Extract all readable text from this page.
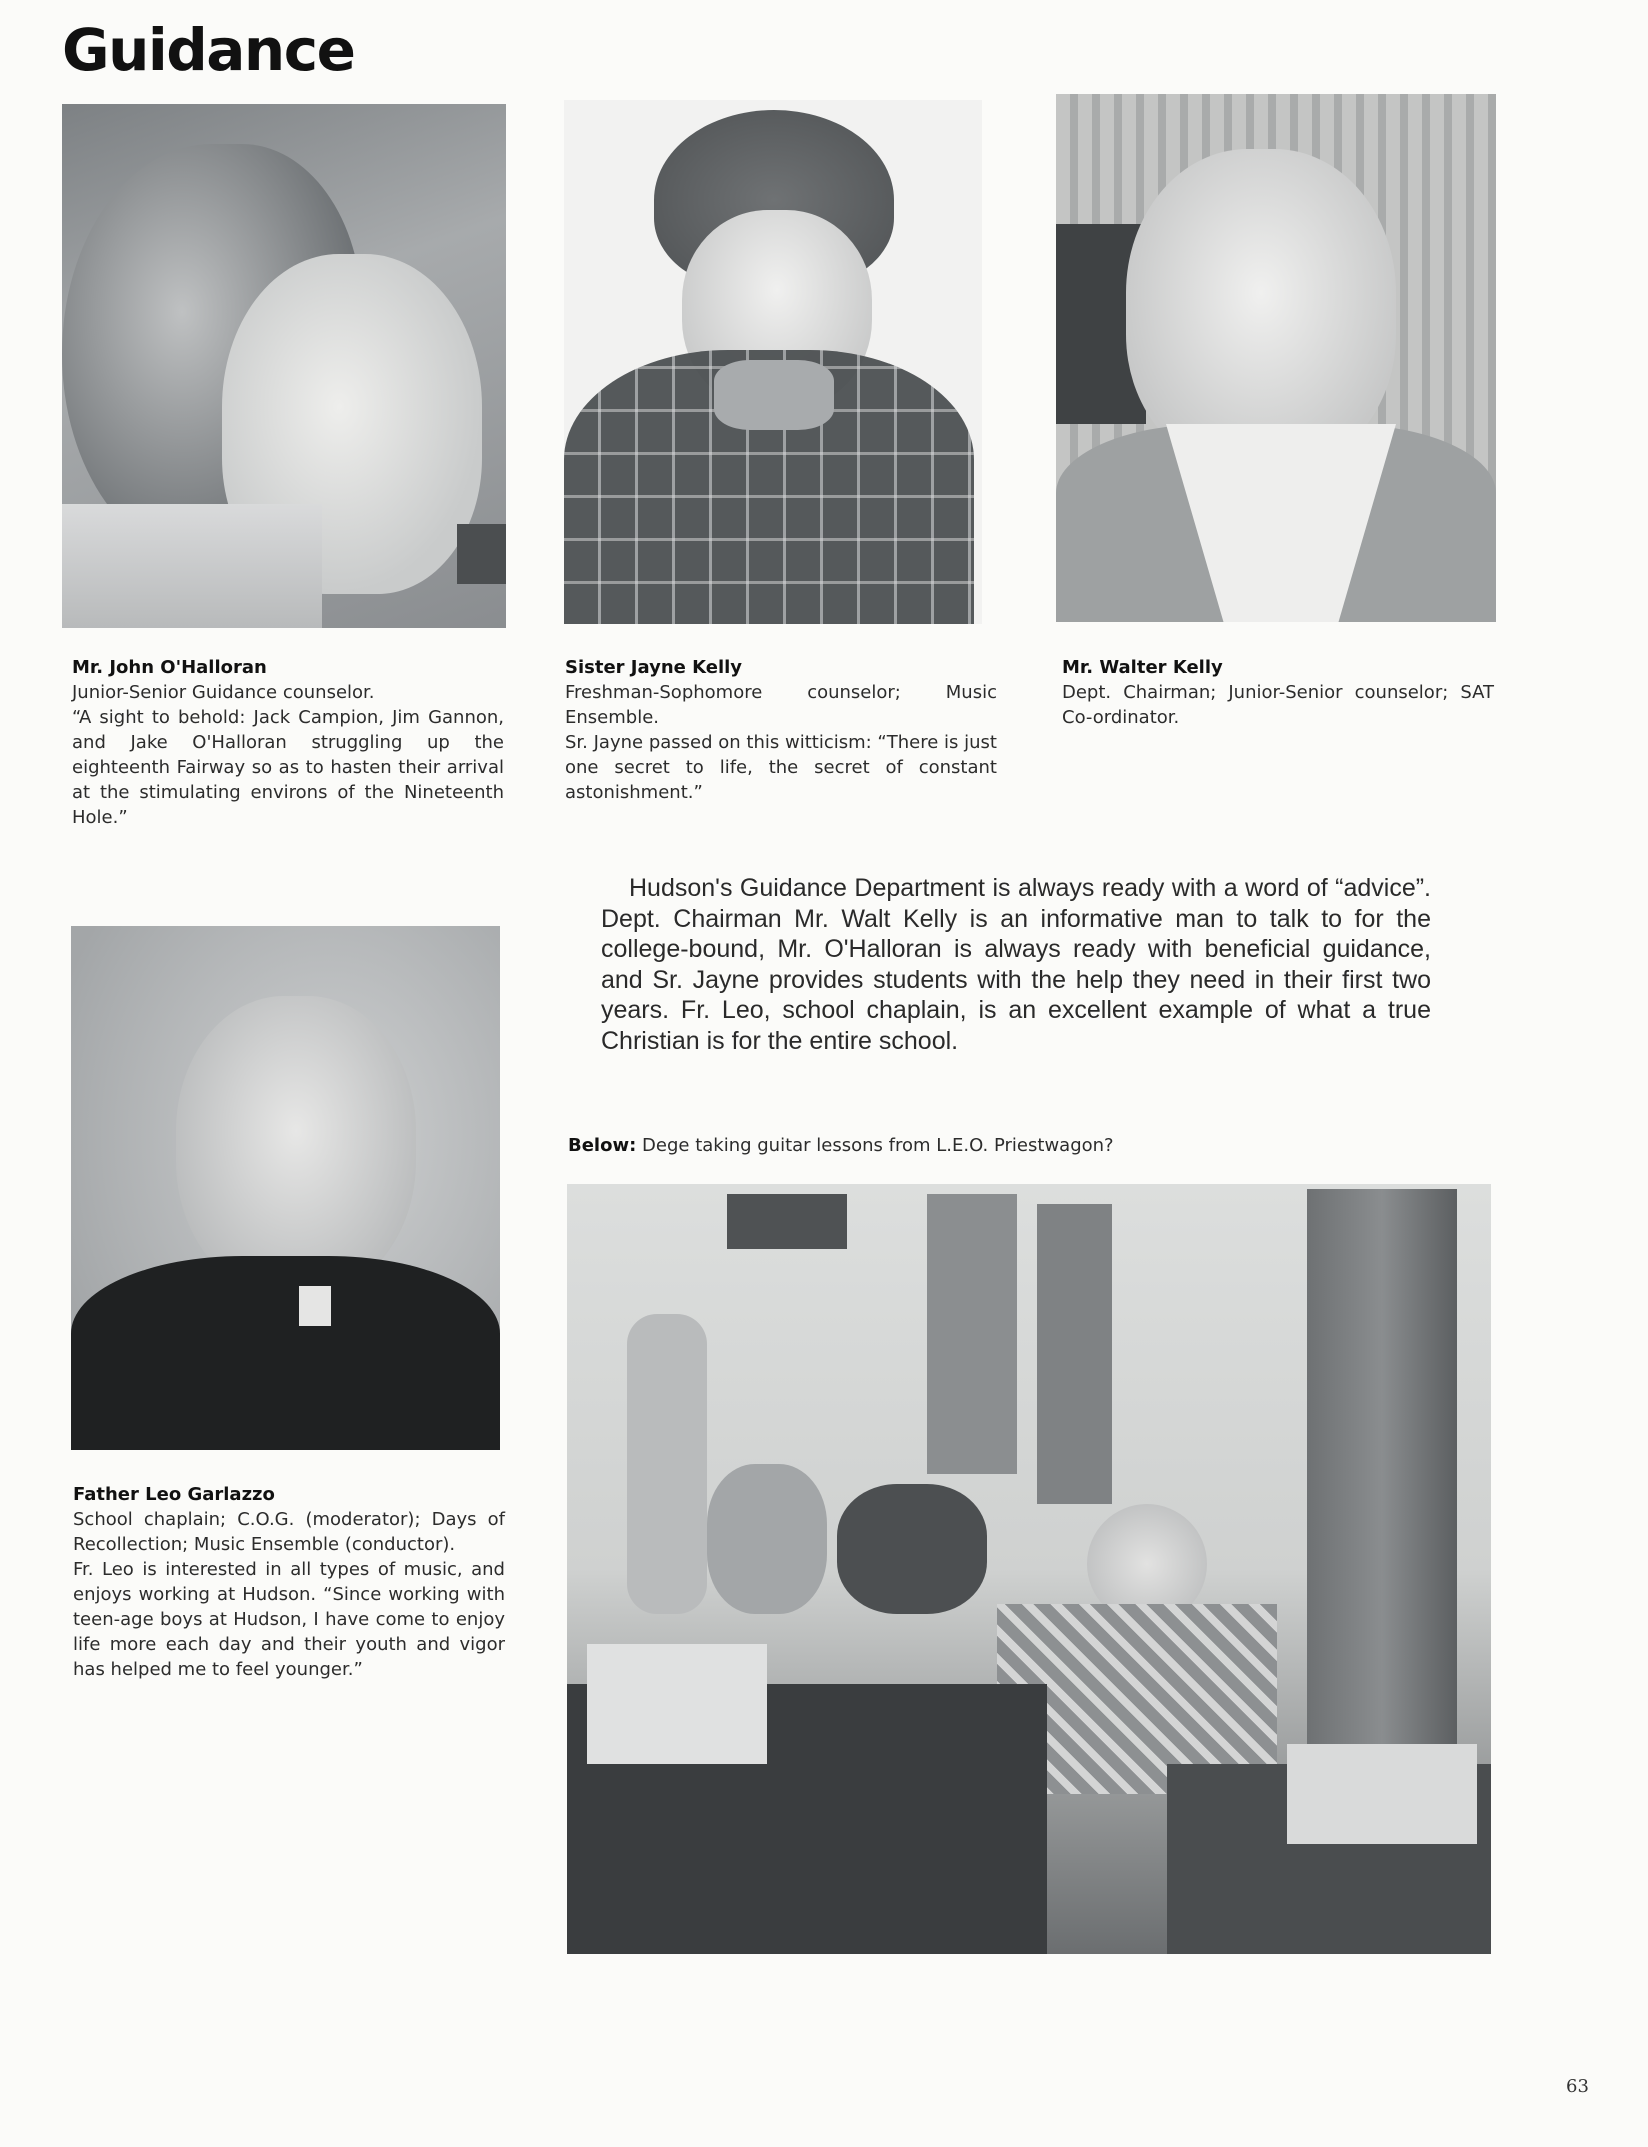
Guidance
Mr. John O'Halloran
Junior-Senior Guidance counselor.
“A sight to behold: Jack Campion, Jim Gannon, and Jake O'Halloran struggling up the eighteenth Fairway so as to hasten their arrival at the stimulating environs of the Nineteenth Hole.”
Sister Jayne Kelly
Freshman-Sophomore counselor; Music Ensemble.
Sr. Jayne passed on this witticism: “There is just one secret to life, the secret of constant astonishment.”
Mr. Walter Kelly
Dept. Chairman; Junior-Senior counselor; SAT Co-ordinator.
Father Leo Garlazzo
School chaplain; C.O.G. (moderator); Days of Recollection; Music Ensemble (conductor).
Fr. Leo is interested in all types of music, and enjoys working at Hudson. “Since working with teen-age boys at Hudson, I have come to enjoy life more each day and their youth and vigor has helped me to feel younger.”
Hudson's Guidance Department is always ready with a word of “advice”. Dept. Chairman Mr. Walt Kelly is an informative man to talk to for the college-bound, Mr. O'Halloran is always ready with beneficial guidance, and Sr. Jayne provides students with the help they need in their first two years. Fr. Leo, school chaplain, is an excellent example of what a true Christian is for the entire school.
Below: Dege taking guitar lessons from L.E.O. Priestwagon?
63
